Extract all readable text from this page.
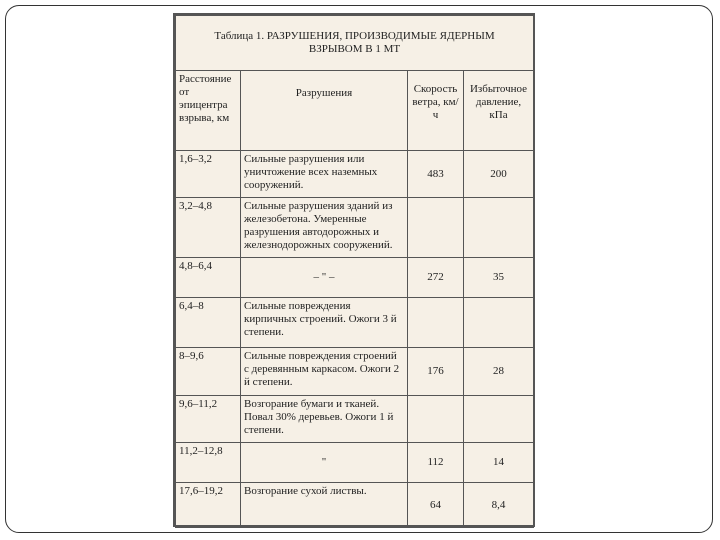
Таблица 1. РАЗРУШЕНИЯ, ПРОИЗВОДИМЫЕ ЯДЕРНЫМ ВЗРЫВОМ В 1 МТ			
Расстояние от эпицентра взрыва, км	Разрушения	Скорость ветра, км/ч	Избыточное давление, кПа
1,6–3,2	Сильные разрушения или уничтожение всех наземных сооружений.	483	200
3,2–4,8	Сильные разрушения зданий из железобетона. Умеренные разрушения автодорожных и железнодорожных сооружений.		
4,8–6,4	– " –	272	35
6,4–8	Сильные повреждения кирпичных строений. Ожоги 3 й степени.		
8–9,6	Сильные повреждения строений с деревянным каркасом. Ожоги 2 й степени.	176	28
9,6–11,2	Возгорание бумаги и тканей. Повал 30% деревьев. Ожоги 1 й степени.		
11,2–12,8	"	112	14
17,6–19,2	Возгорание сухой листвы.	64	8,4
